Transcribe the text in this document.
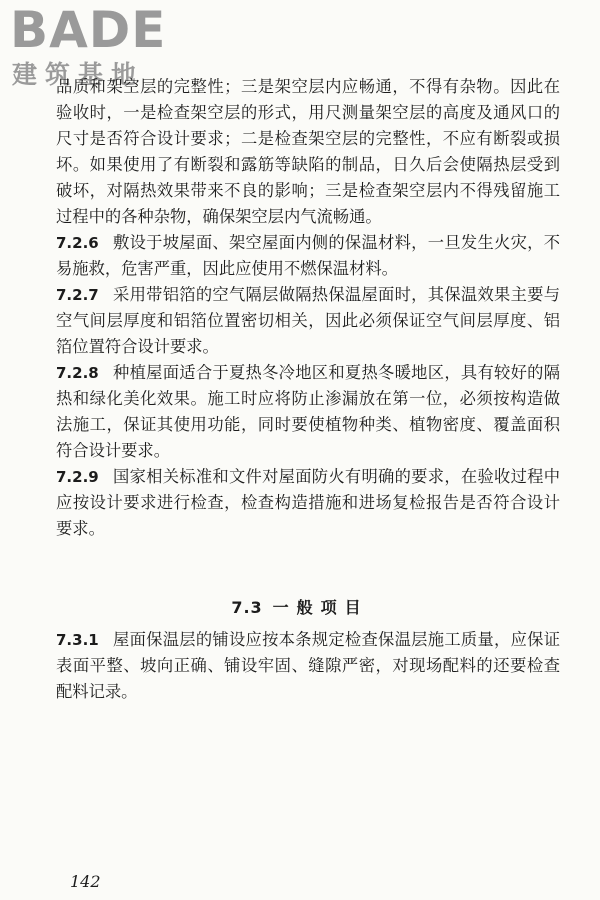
BADE
建筑基地

品质和架空层的完整性；三是架空层内应畅通，不得有杂物。因此在验收时，一是检查架空层的形式，用尺测量架空层的高度及通风口的尺寸是否符合设计要求；二是检查架空层的完整性，不应有断裂或损坏。如果使用了有断裂和露筋等缺陷的制品，日久后会使隔热层受到破坏，对隔热效果带来不良的影响；三是检查架空层内不得残留施工过程中的各种杂物，确保架空层内气流畅通。

7.2.6 敷设于坡屋面、架空屋面内侧的保温材料，一旦发生火灾，不易施救，危害严重，因此应使用不燃保温材料。

7.2.7 采用带铝箔的空气隔层做隔热保温屋面时，其保温效果主要与空气间层厚度和铝箔位置密切相关，因此必须保证空气间层厚度、铝箔位置符合设计要求。

7.2.8 种植屋面适合于夏热冬冷地区和夏热冬暖地区，具有较好的隔热和绿化美化效果。施工时应将防止渗漏放在第一位，必须按构造做法施工，保证其使用功能，同时要使植物种类、植物密度、覆盖面积符合设计要求。

7.2.9 国家相关标准和文件对屋面防火有明确的要求，在验收过程中应按设计要求进行检查，检查构造措施和进场复检报告是否符合设计要求。

7.3 一般项目

7.3.1 屋面保温层的铺设应按本条规定检查保温层施工质量，应保证表面平整、坡向正确、铺设牢固、缝隙严密，对现场配料的还要检查配料记录。

142
